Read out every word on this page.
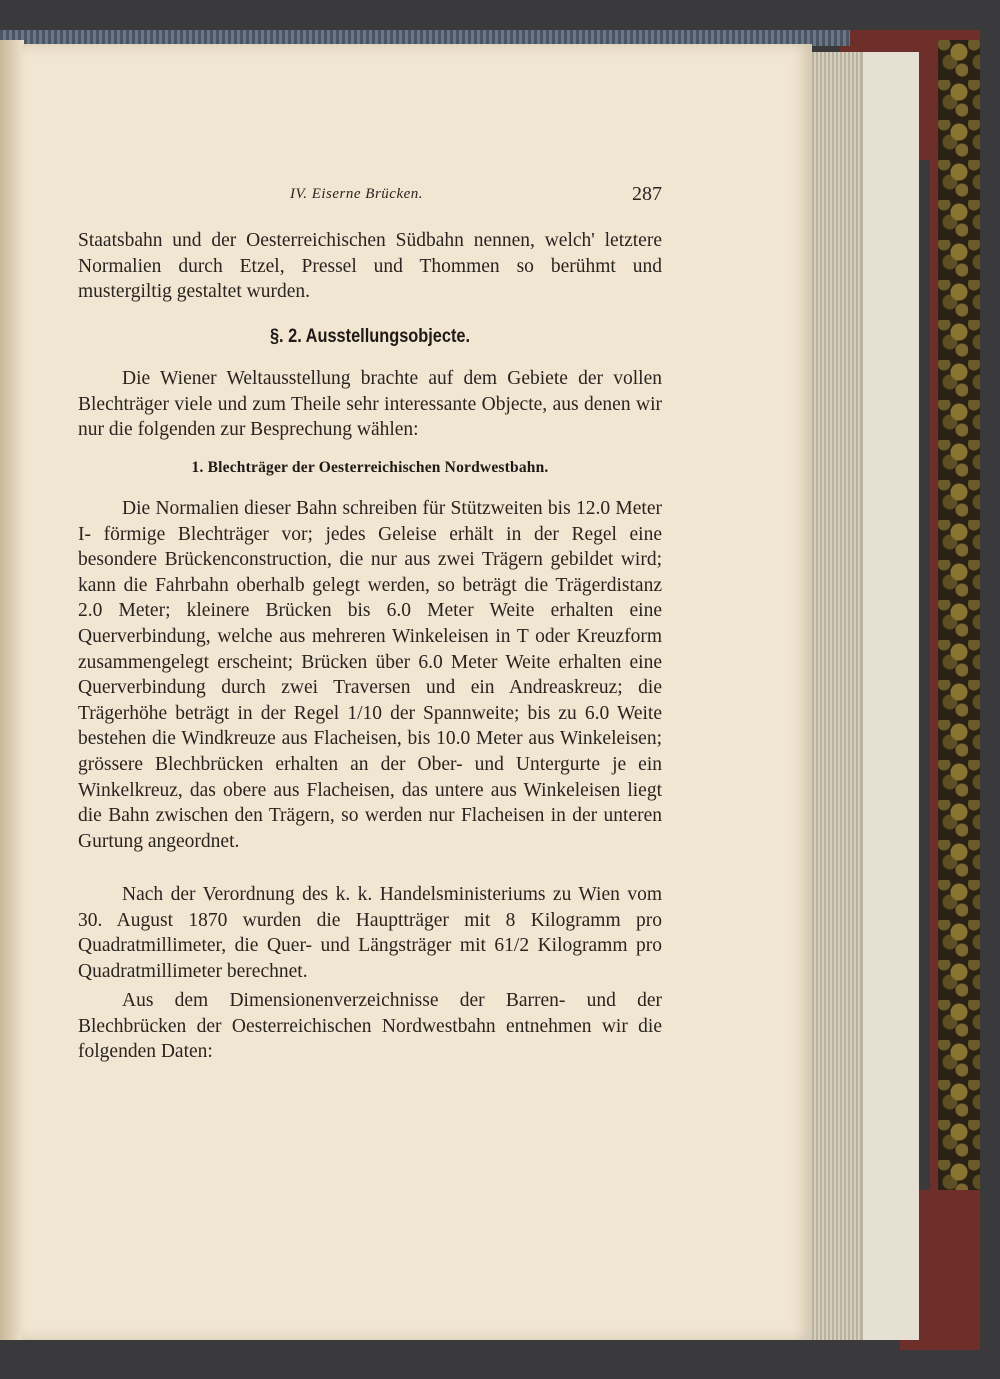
IV. Eiserne Brücken.	287

Staatsbahn und der Oesterreichischen Südbahn nennen, welch' letztere Normalien durch Etzel, Pressel und Thommen so berühmt und mustergiltig gestaltet wurden.

§. 2. Ausstellungsobjecte.

Die Wiener Weltausstellung brachte auf dem Gebiete der vollen Blechträger viele und zum Theile sehr interessante Objecte, aus denen wir nur die folgenden zur Besprechung wählen:

1. Blechträger der Oesterreichischen Nordwestbahn.

Die Normalien dieser Bahn schreiben für Stützweiten bis 12.0 Meter I- förmige Blechträger vor; jedes Geleise erhält in der Regel eine besondere Brückenconstruction, die nur aus zwei Trägern gebildet wird; kann die Fahrbahn oberhalb gelegt werden, so beträgt die Trägerdistanz 2.0 Meter; kleinere Brücken bis 6.0 Meter Weite erhalten eine Querverbindung, welche aus mehreren Winkeleisen in T oder Kreuzform zusammengelegt erscheint; Brücken über 6.0 Meter Weite erhalten eine Querverbindung durch zwei Traversen und ein Andreaskreuz; die Trägerhöhe beträgt in der Regel 1/10 der Spannweite; bis zu 6.0 Weite bestehen die Windkreuze aus Flacheisen, bis 10.0 Meter aus Winkeleisen; grössere Blechbrücken erhalten an der Ober- und Untergurte je ein Winkelkreuz, das obere aus Flacheisen, das untere aus Winkeleisen liegt die Bahn zwischen den Trägern, so werden nur Flacheisen in der unteren Gurtung angeordnet.

Nach der Verordnung des k. k. Handelsministeriums zu Wien vom 30. August 1870 wurden die Hauptträger mit 8 Kilogramm pro Quadratmillimeter, die Quer- und Längsträger mit 61/2 Kilogramm pro Quadratmillimeter berechnet.

Aus dem Dimensionenverzeichnisse der Barren- und der Blechbrücken der Oesterreichischen Nordwestbahn entnehmen wir die folgenden Daten:
